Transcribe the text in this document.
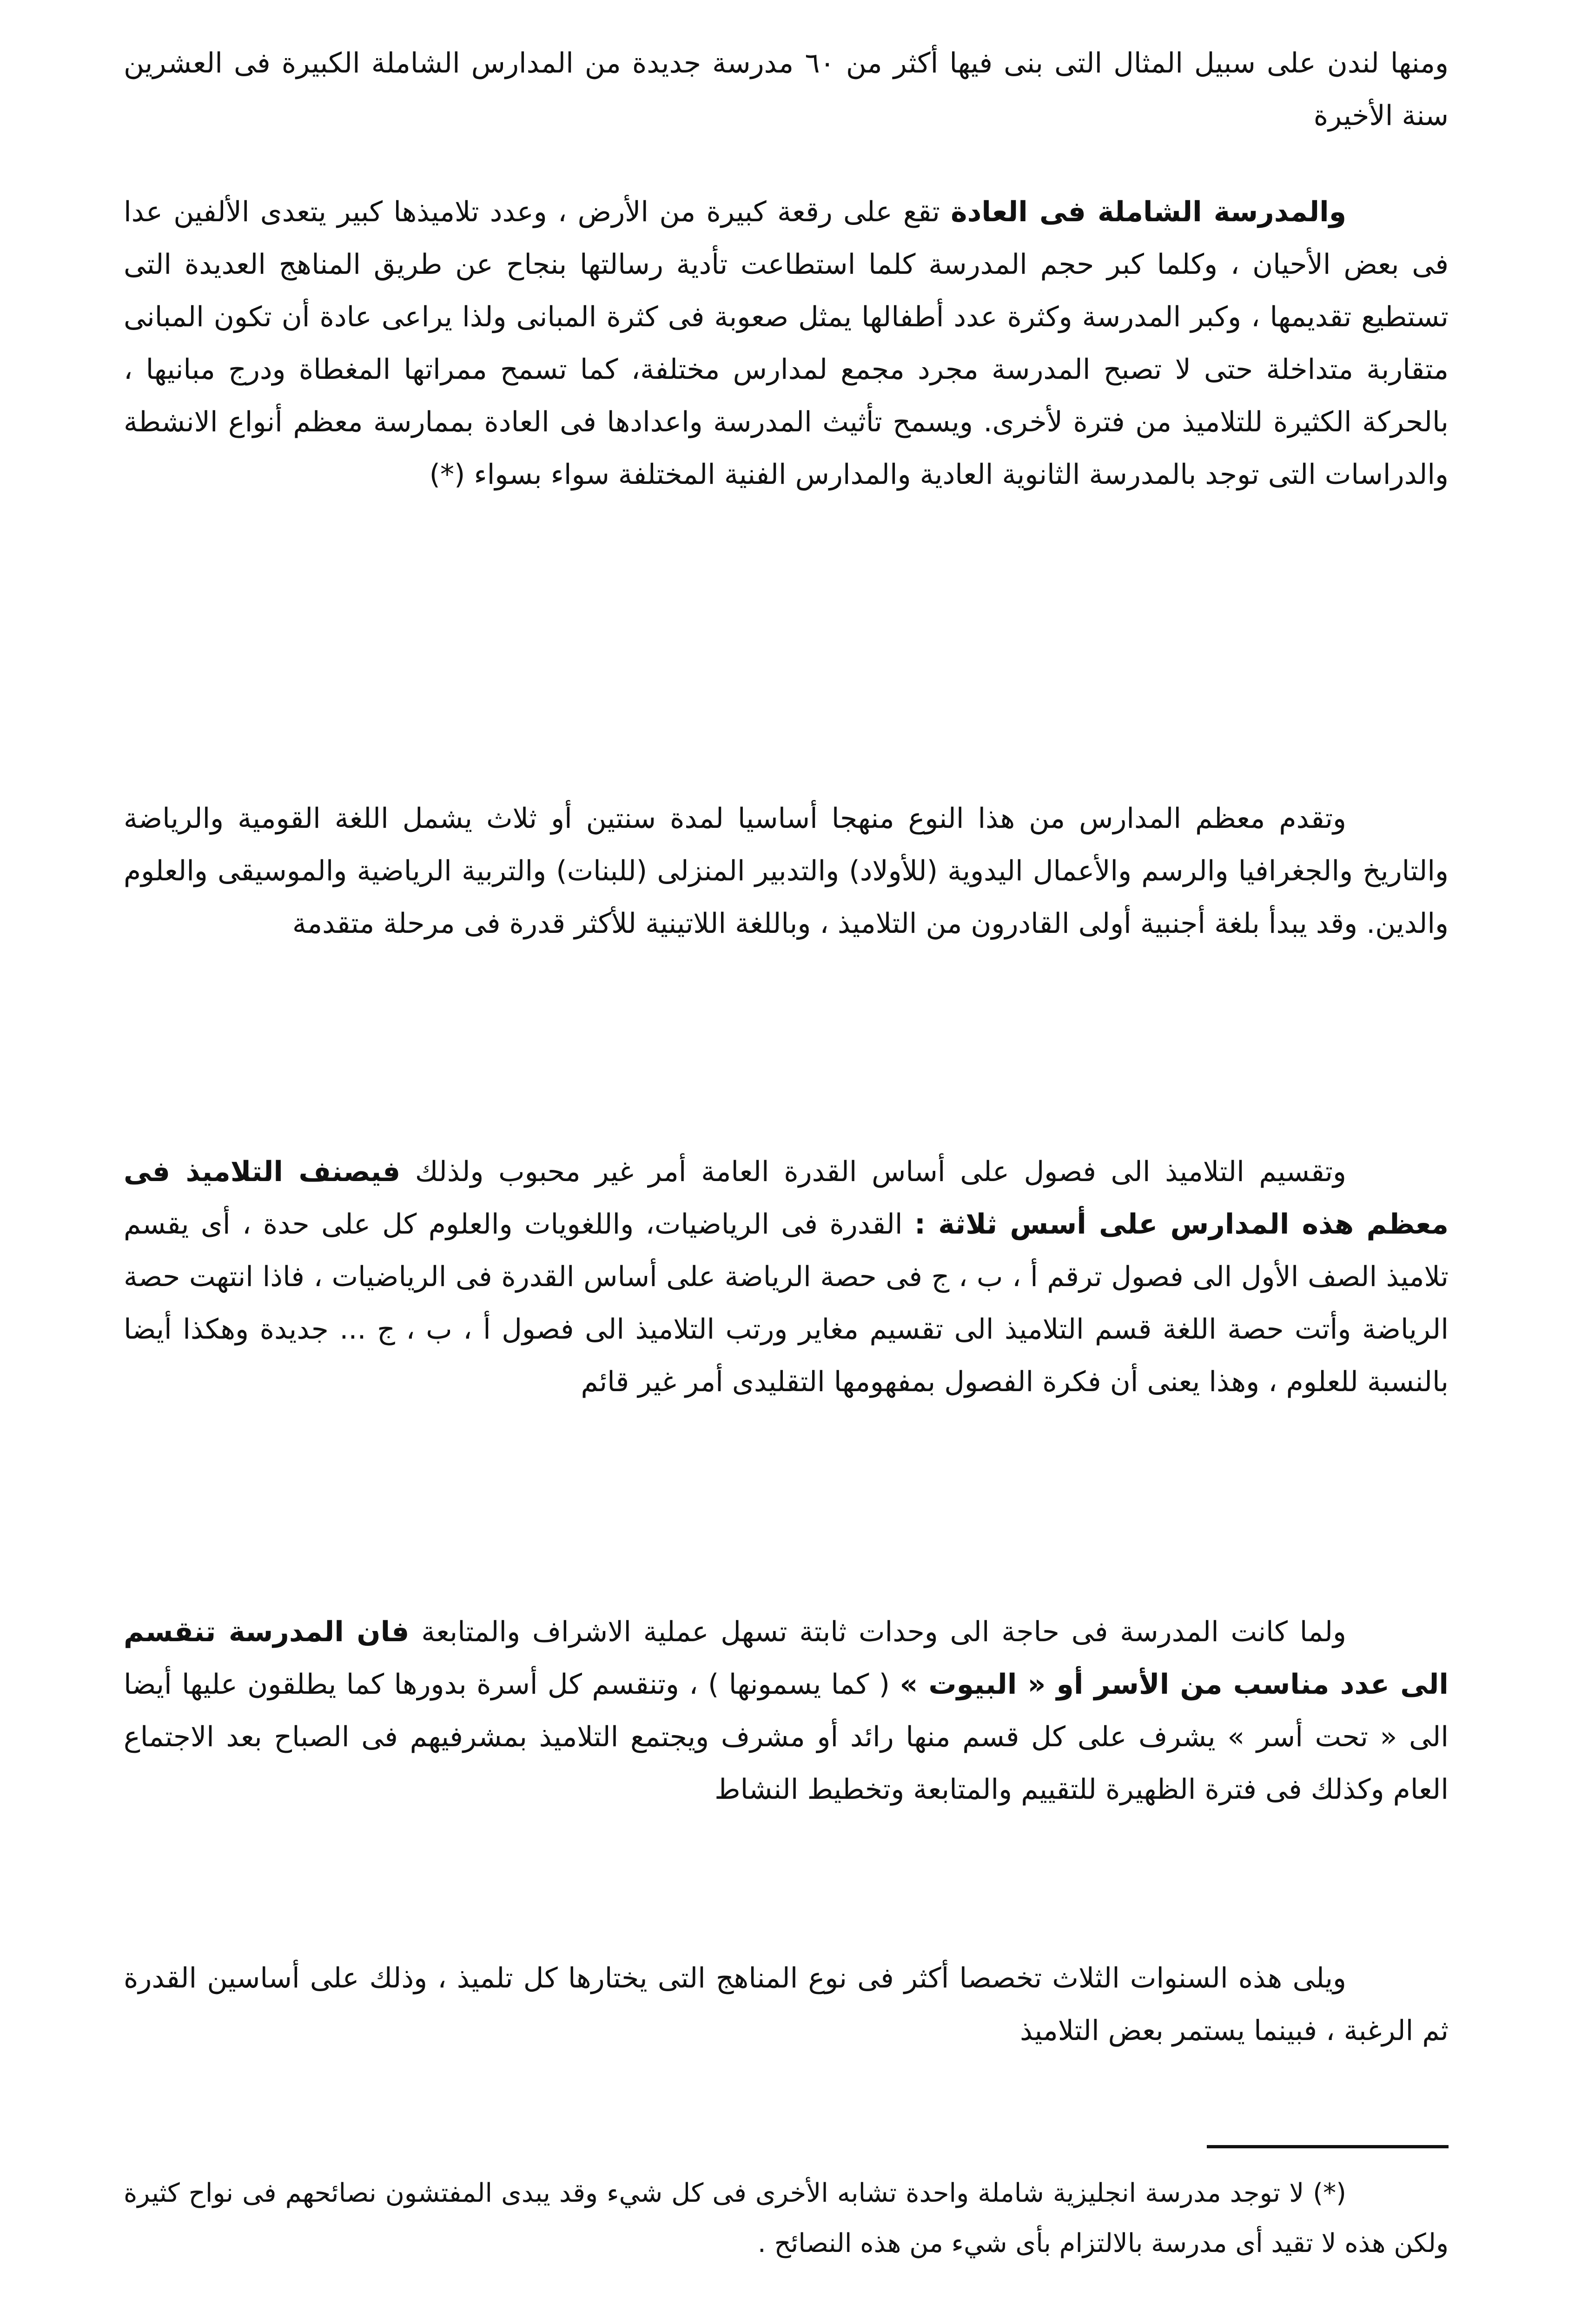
ومنها لندن على سبيل المثال التى بنى فيها أكثر من ٦٠ مدرسة جديدة من المدارس الشاملة الكبيرة فى العشرين سنة الأخيرة

والمدرسة الشاملة فى العادة تقع على رقعة كبيرة من الأرض ، وعدد تلاميذها كبير يتعدى الألفين عدا فى بعض الأحيان ، وكلما كبر حجم المدرسة كلما استطاعت تأدية رسالتها بنجاح عن طريق المناهج العديدة التى تستطيع تقديمها ، وكبر المدرسة وكثرة عدد أطفالها يمثل صعوبة فى كثرة المبانى ولذا يراعى عادة أن تكون المبانى متقاربة متداخلة حتى لا تصبح المدرسة مجرد مجمع لمدارس مختلفة، كما تسمح ممراتها المغطاة ودرج مبانيها ، بالحركة الكثيرة للتلاميذ من فترة لأخرى. ويسمح تأثيث المدرسة واعدادها فى العادة بممارسة معظم أنواع الانشطة والدراسات التى توجد بالمدرسة الثانوية العادية والمدارس الفنية المختلفة سواء بسواء (*)

وتقدم معظم المدارس من هذا النوع منهجا أساسيا لمدة سنتين أو ثلاث يشمل اللغة القومية والرياضة والتاريخ والجغرافيا والرسم والأعمال اليدوية (للأولاد) والتدبير المنزلى (للبنات) والتربية الرياضية والموسيقى والعلوم والدين. وقد يبدأ بلغة أجنبية أولى القادرون من التلاميذ ، وباللغة اللاتينية للأكثر قدرة فى مرحلة متقدمة

وتقسيم التلاميذ الى فصول على أساس القدرة العامة أمر غير محبوب ولذلك فيصنف التلاميذ فى معظم هذه المدارس على أسس ثلاثة : القدرة فى الرياضيات، واللغويات والعلوم كل على حدة ، أى يقسم تلاميذ الصف الأول الى فصول ترقم أ ، ب ، ج فى حصة الرياضة على أساس القدرة فى الرياضيات ، فاذا انتهت حصة الرياضة وأتت حصة اللغة قسم التلاميذ الى تقسيم مغاير ورتب التلاميذ الى فصول أ ، ب ، ج ... جديدة وهكذا أيضا بالنسبة للعلوم ، وهذا يعنى أن فكرة الفصول بمفهومها التقليدى أمر غير قائم

ولما كانت المدرسة فى حاجة الى وحدات ثابتة تسهل عملية الاشراف والمتابعة فان المدرسة تنقسم الى عدد مناسب من الأسر أو « البيوت » ( كما يسمونها ) ، وتنقسم كل أسرة بدورها كما يطلقون عليها أيضا الى « تحت أسر » يشرف على كل قسم منها رائد أو مشرف ويجتمع التلاميذ بمشرفيهم فى الصباح بعد الاجتماع العام وكذلك فى فترة الظهيرة للتقييم والمتابعة وتخطيط النشاط

ويلى هذه السنوات الثلاث تخصصا أكثر فى نوع المناهج التى يختارها كل تلميذ ، وذلك على أساسين القدرة ثم الرغبة ، فبينما يستمر بعض التلاميذ

(*) لا توجد مدرسة انجليزية شاملة واحدة تشابه الأخرى فى كل شيء وقد يبدى المفتشون نصائحهم فى نواح كثيرة ولكن هذه لا تقيد أى مدرسة بالالتزام بأى شيء من هذه النصائح .
